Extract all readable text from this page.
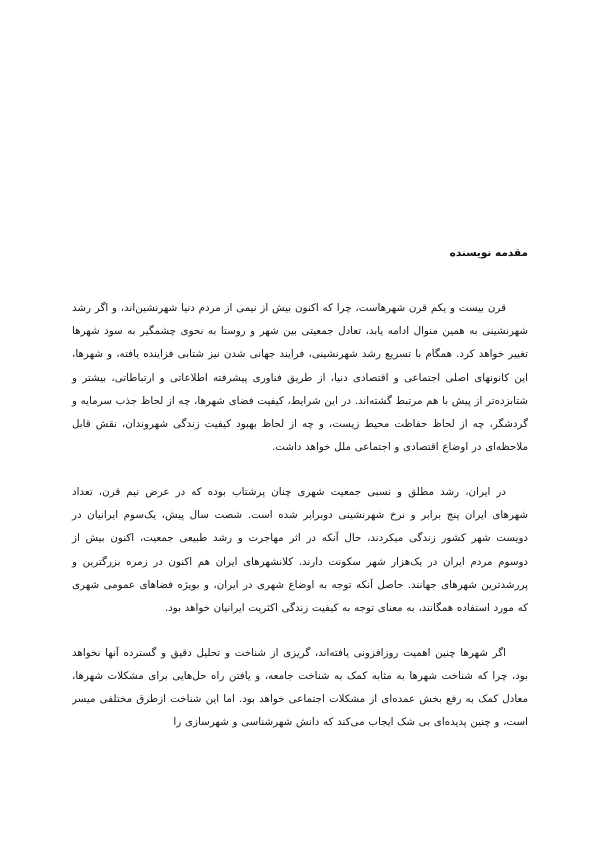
مقدمه نویسنده

قرن بیست و یکم قرن شهرهاست، چرا که اکنون بیش از نیمی از مردم دنیا شهرنشین‌اند، و اگر رشد شهرنشینی به همین منوال ادامه یابد، تعادل جمعیتی بین شهر و روستا به نحوی چشمگیر به سود شهرها تغییر خواهد کرد. همگام با تسریع رشد شهرنشینی، فرایند جهانی شدن نیز شتابی فزاینده یافته، و شهرها، این کانونهای اصلی اجتماعی و اقتصادی دنیا، از طریق فناوری پیشرفته اطلاعاتی و ارتباطاتی، بیشتر و شتابزده‌تر از پیش با هم مرتبط گشته‌اند. در این شرایط، کیفیت فضای شهرها، چه از لحاظ جذب سرمایه و گردشگر، چه از لحاظ حفاظت محیط زیست، و چه از لحاظ بهبود کیفیت زندگی شهروندان، نقش قابل ملاحظه‌ای در اوضاع اقتصادی و اجتماعی ملل خواهد داشت.

در ایران، رشد مطلق و نسبی جمعیت شهری چنان پرشتاب بوده که در عرض نیم قرن، تعداد شهرهای ایران پنج برابر و نرخ شهرنشینی دوبرابر شده است. شصت سال پیش، یک‌سوم ایرانیان در دویست شهر کشور زندگی میکردند، حال آنکه در اثر مهاجرت و رشد طبیعی جمعیت، اکنون بیش از دوسوم مردم ایران در یک‌هزار شهر سکونت دارند. کلانشهرهای ایران هم اکنون در زمره بزرگترین و پررشدترین شهرهای جهانند. حاصل آنکه توجه به اوضاع شهری در ایران، و بویژه فضاهای عمومی شهری که مورد استفاده همگانند، به معنای توجه به کیفیت زندگی اکثریت ایرانیان خواهد بود.

اگر شهرها چنین اهمیت روزافزونی یافته‌اند، گریزی از شناخت و تحلیل دقیق و گسترده آنها نخواهد بود، چرا که شناخت شهرها به مثابه کمک به شناخت جامعه، و یافتن راه حل‌هایی برای مشکلات شهرها، معادل کمک به رفع بخش عمده‌ای از مشکلات اجتماعی خواهد بود. اما این شناخت ازطرق مختلفی میسر است، و چنین پدیده‌ای بی شک ایجاب می‌کند که دانش شهرشناسی و شهرسازی را
